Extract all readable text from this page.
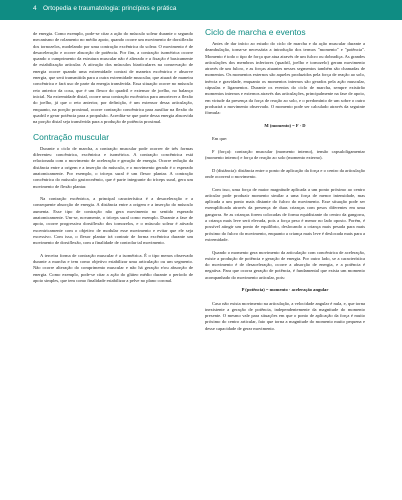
4 Ortopedia e traumatologia: princípios e prática

de energia. Como exemplo, pode-se citar a ação do músculo soleur durante o segundo mecanismo de rolamento no médio apoio, quando ocorre um movimento de dorsiflexão dos tornozelos, modelando por uma contração excêntrica do solear. O movimento é de desaceleração e ocorre absorção de potência. Por fim, a contração isométrica ocorre quando o cumprimento da estrutura muscular não é alterado e a fixação é basicamente de estabilização articular. A ativação dos músculos biarticulares na conservação de energia ocorre quando uma extremidade contrai de maneira excêntrica e absorve energia, que será transmitida para a outra extremidade muscular, que atuará de maneira concêntrica e fará uso de parte da energia transferida. Essa situação ocorre no músculo reto anterior da coxa, que é um flexor do quadril e extensor de joelho, no balanço inicial. Na extremidade distal, ocorre uma contração excêntrica para amortecer a flexão do joelho, já que o reto anterior, por definição, é um extensor dessa articulação, enquanto, na porção proximal, ocorre contração concêntrica para auxiliar na flexão do quadril e gerar potência para a propulsão. Acredita-se que parte dessa energia absorvida na porção distal seja transferida para a produção de potência proximal.

Contração muscular

Durante o ciclo de marcha, a contração muscular pode ocorrer de três formas diferentes: concêntrica, excêntrica e isométrica. A contração concêntrica está relacionada com o movimento de aceleração e geração de energia. Ocorre redução da distância entre a origem e a inserção do músculo, e o movimento gerado é o esperado anatomicamente. Por exemplo, o tríceps sural é um flexor plantar. A contração concêntrica do músculo gastrocnêmio, que é parte integrante do tríceps sural, gera um movimento de flexão plantar.

Na contração excêntrica, a principal característica é a desaceleração e a consequente absorção de energia. A distância entre a origem e a inserção do músculo aumenta. Esse tipo de contração não gera movimento no sentido esperado anatomicamente. Um-se, novamente, o tríceps sural como exemplo. Durante a fase de apoio, ocorre progressiva dorsiflexão dos tornozelos, e o músculo solear é ativado excentricamente com o objetivo de modular esse movimento e evitar que ele seja excessivo. Com isso, o flexor plantar irá contrair de forma excêntrica durante um movimento de dorsiflexão, com a finalidade de controlar tal movimento.

A terceira forma de contração muscular é a isométrica. É o tipo menos observado durante a marcha e tem como objetivo estabilizar uma articulação ou um segmento. Não ocorre alteração do comprimento muscular e não há geração e/ou absorção de energia. Como exemplo, pode-se citar a ação do glúteo médio durante o período de apoio simples, que tem como finalidade estabilizar a pelve no plano coronal.

Ciclo de marcha e eventos

Antes de dar início ao estudo do ciclo de marcha e da ação muscular durante a deambulação, torna-se necessária a introdução dos termos "momento" e "potência". Momento é todo o tipo de força que atua através de um fulcro ou dobradiça. As grandes articulações dos membros inferiores (quadril, joelho e tornozelo) geram movimento através de um fulcro, e as forças atuantes nesses segmentos também são chamadas de momentos. Os momentos externos são aqueles produzidos pela força de reação ao solo, inércia e gravidade, enquanto os momentos internos são gerados pela ação muscular, cápsulas e ligamentos. Durante os eventos do ciclo de marcha, sempre existirão momentos internos e externos através das articulações, principalmente na fase de apoio, em virtude da presença da força de reação ao solo, e o predomínio de um sobre o outro produzirá o movimento observado. O momento pode ser calculado através da seguinte fórmula:

M (momento) = F · D

Em que:

F (força): contração muscular (momento interno), tensão capsuloligamentar (momento interno) e força de reação ao solo (momento externo).

D (distância): distância entre o ponto de aplicação da força e o centro da articulação onde ocorrerá o movimento.

Com isso, uma força de maior magnitude aplicada a um ponto próximo ao centro articular pode produzir momento similar a uma força de menor intensidade, mas aplicada a um ponto mais distante do fulcro do movimento. Esse situação pode ser exemplificada através da presença de duas crianças com pesos diferentes em uma gangorra. Se as crianças forem colocadas de forma equidistante do centro da gangorra, a criança mais leve será elevada, pois a força peso é menor no lado oposto. Porém, é possível atingir um ponto de equilíbrio, deslocando a criança mais pesada para mais próximo do fulcro do movimento, enquanto a criança mais leve é deslocada mais para a extremidade.

Quando o momento gera movimento da articulação com concêntrica de aceleração, existe a produção de potência e geração de energia. Por outro lado, se a característica do movimento é de desaceleração, ocorre a absorção de energia, e a potência é negativa. Para que ocorra geração de potência, é fundamental que exista um momento acompanhado do movimento articular, pois:

P (potência) = momento · aceleração angular

Caso não exista movimento na articulação, a velocidade angular é nula, e, que torna inexistente a geração de potência, independentemente da magnitude do momento presente. O mesmo vale para situações em que o ponto de aplicação da força é muito próximo do centro articular, fato que torna a magnitude do momento muito pequena e desse capacidade de gerar movimento.
